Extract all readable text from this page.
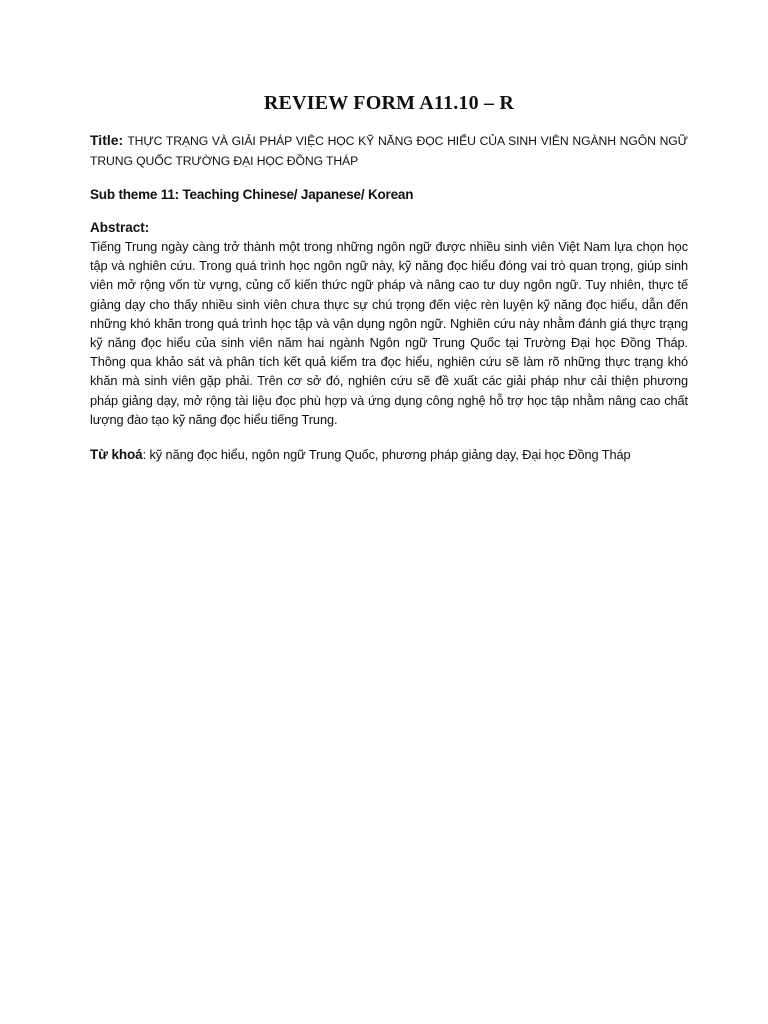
REVIEW FORM A11.10 – R

Title: THỰC TRẠNG VÀ GIẢI PHÁP VIỆC HỌC KỸ NĂNG ĐỌC HIỂU CỦA SINH VIÊN NGÀNH NGÔN NGỮ TRUNG QUỐC TRƯỜNG ĐẠI HỌC ĐỒNG THÁP

Sub theme 11: Teaching Chinese/ Japanese/ Korean

Abstract:

Tiếng Trung ngày càng trở thành một trong những ngôn ngữ được nhiều sinh viên Việt Nam lựa chọn học tập và nghiên cứu. Trong quá trình học ngôn ngữ này, kỹ năng đọc hiểu đóng vai trò quan trọng, giúp sinh viên mở rộng vốn từ vựng, củng cố kiến thức ngữ pháp và nâng cao tư duy ngôn ngữ. Tuy nhiên, thực tế giảng dạy cho thấy nhiều sinh viên chưa thực sự chú trọng đến việc rèn luyện kỹ năng đọc hiểu, dẫn đến những khó khăn trong quá trình học tập và vận dụng ngôn ngữ. Nghiên cứu này nhằm đánh giá thực trạng kỹ năng đọc hiểu của sinh viên năm hai ngành Ngôn ngữ Trung Quốc tại Trường Đại học Đồng Tháp. Thông qua khảo sát và phân tích kết quả kiểm tra đọc hiểu, nghiên cứu sẽ làm rõ những thực trạng khó khăn mà sinh viên gặp phải. Trên cơ sở đó, nghiên cứu sẽ đề xuất các giải pháp như cải thiện phương pháp giảng dạy, mở rộng tài liệu đọc phù hợp và ứng dụng công nghệ hỗ trợ học tập nhằm nâng cao chất lượng đào tạo kỹ năng đọc hiểu tiếng Trung.

Từ khoá: kỹ năng đọc hiểu, ngôn ngữ Trung Quốc, phương pháp giảng dạy, Đại học Đồng Tháp
